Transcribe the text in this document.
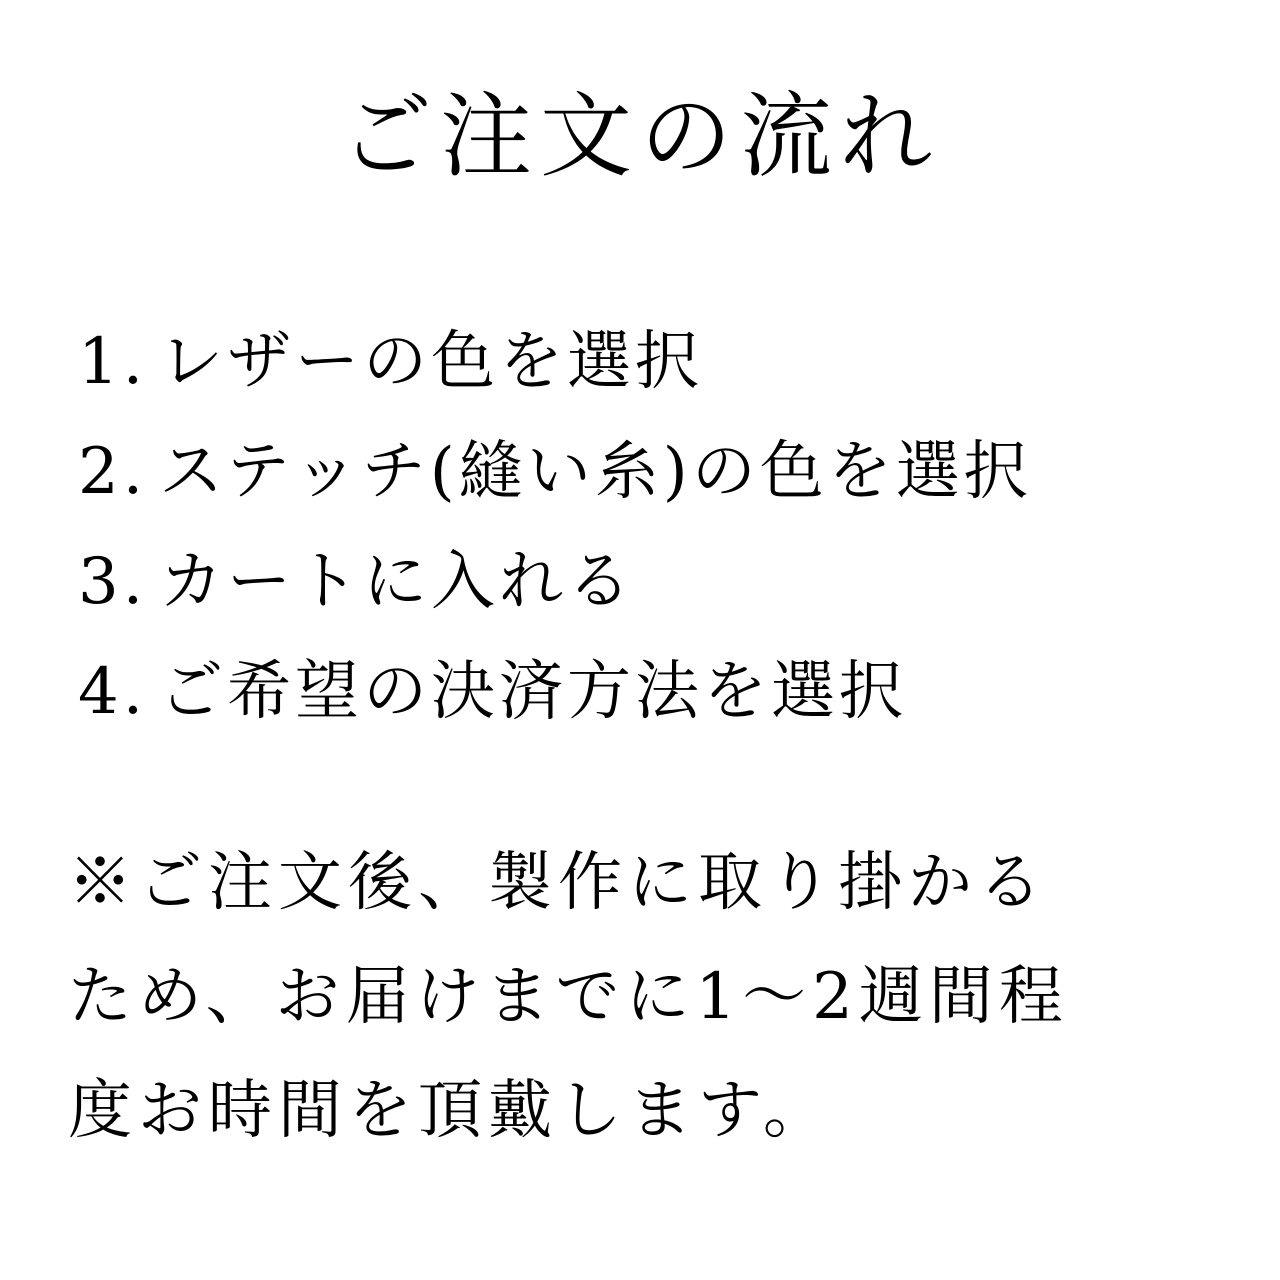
ご注文の流れ
1. レザーの色を選択
2. ステッチ(縫い糸)の色を選択
3. カートに入れる
4. ご希望の決済方法を選択
※ご注文後、製作に取り掛かる
ため、お届けまでに1〜2週間程
度お時間を頂戴します。
